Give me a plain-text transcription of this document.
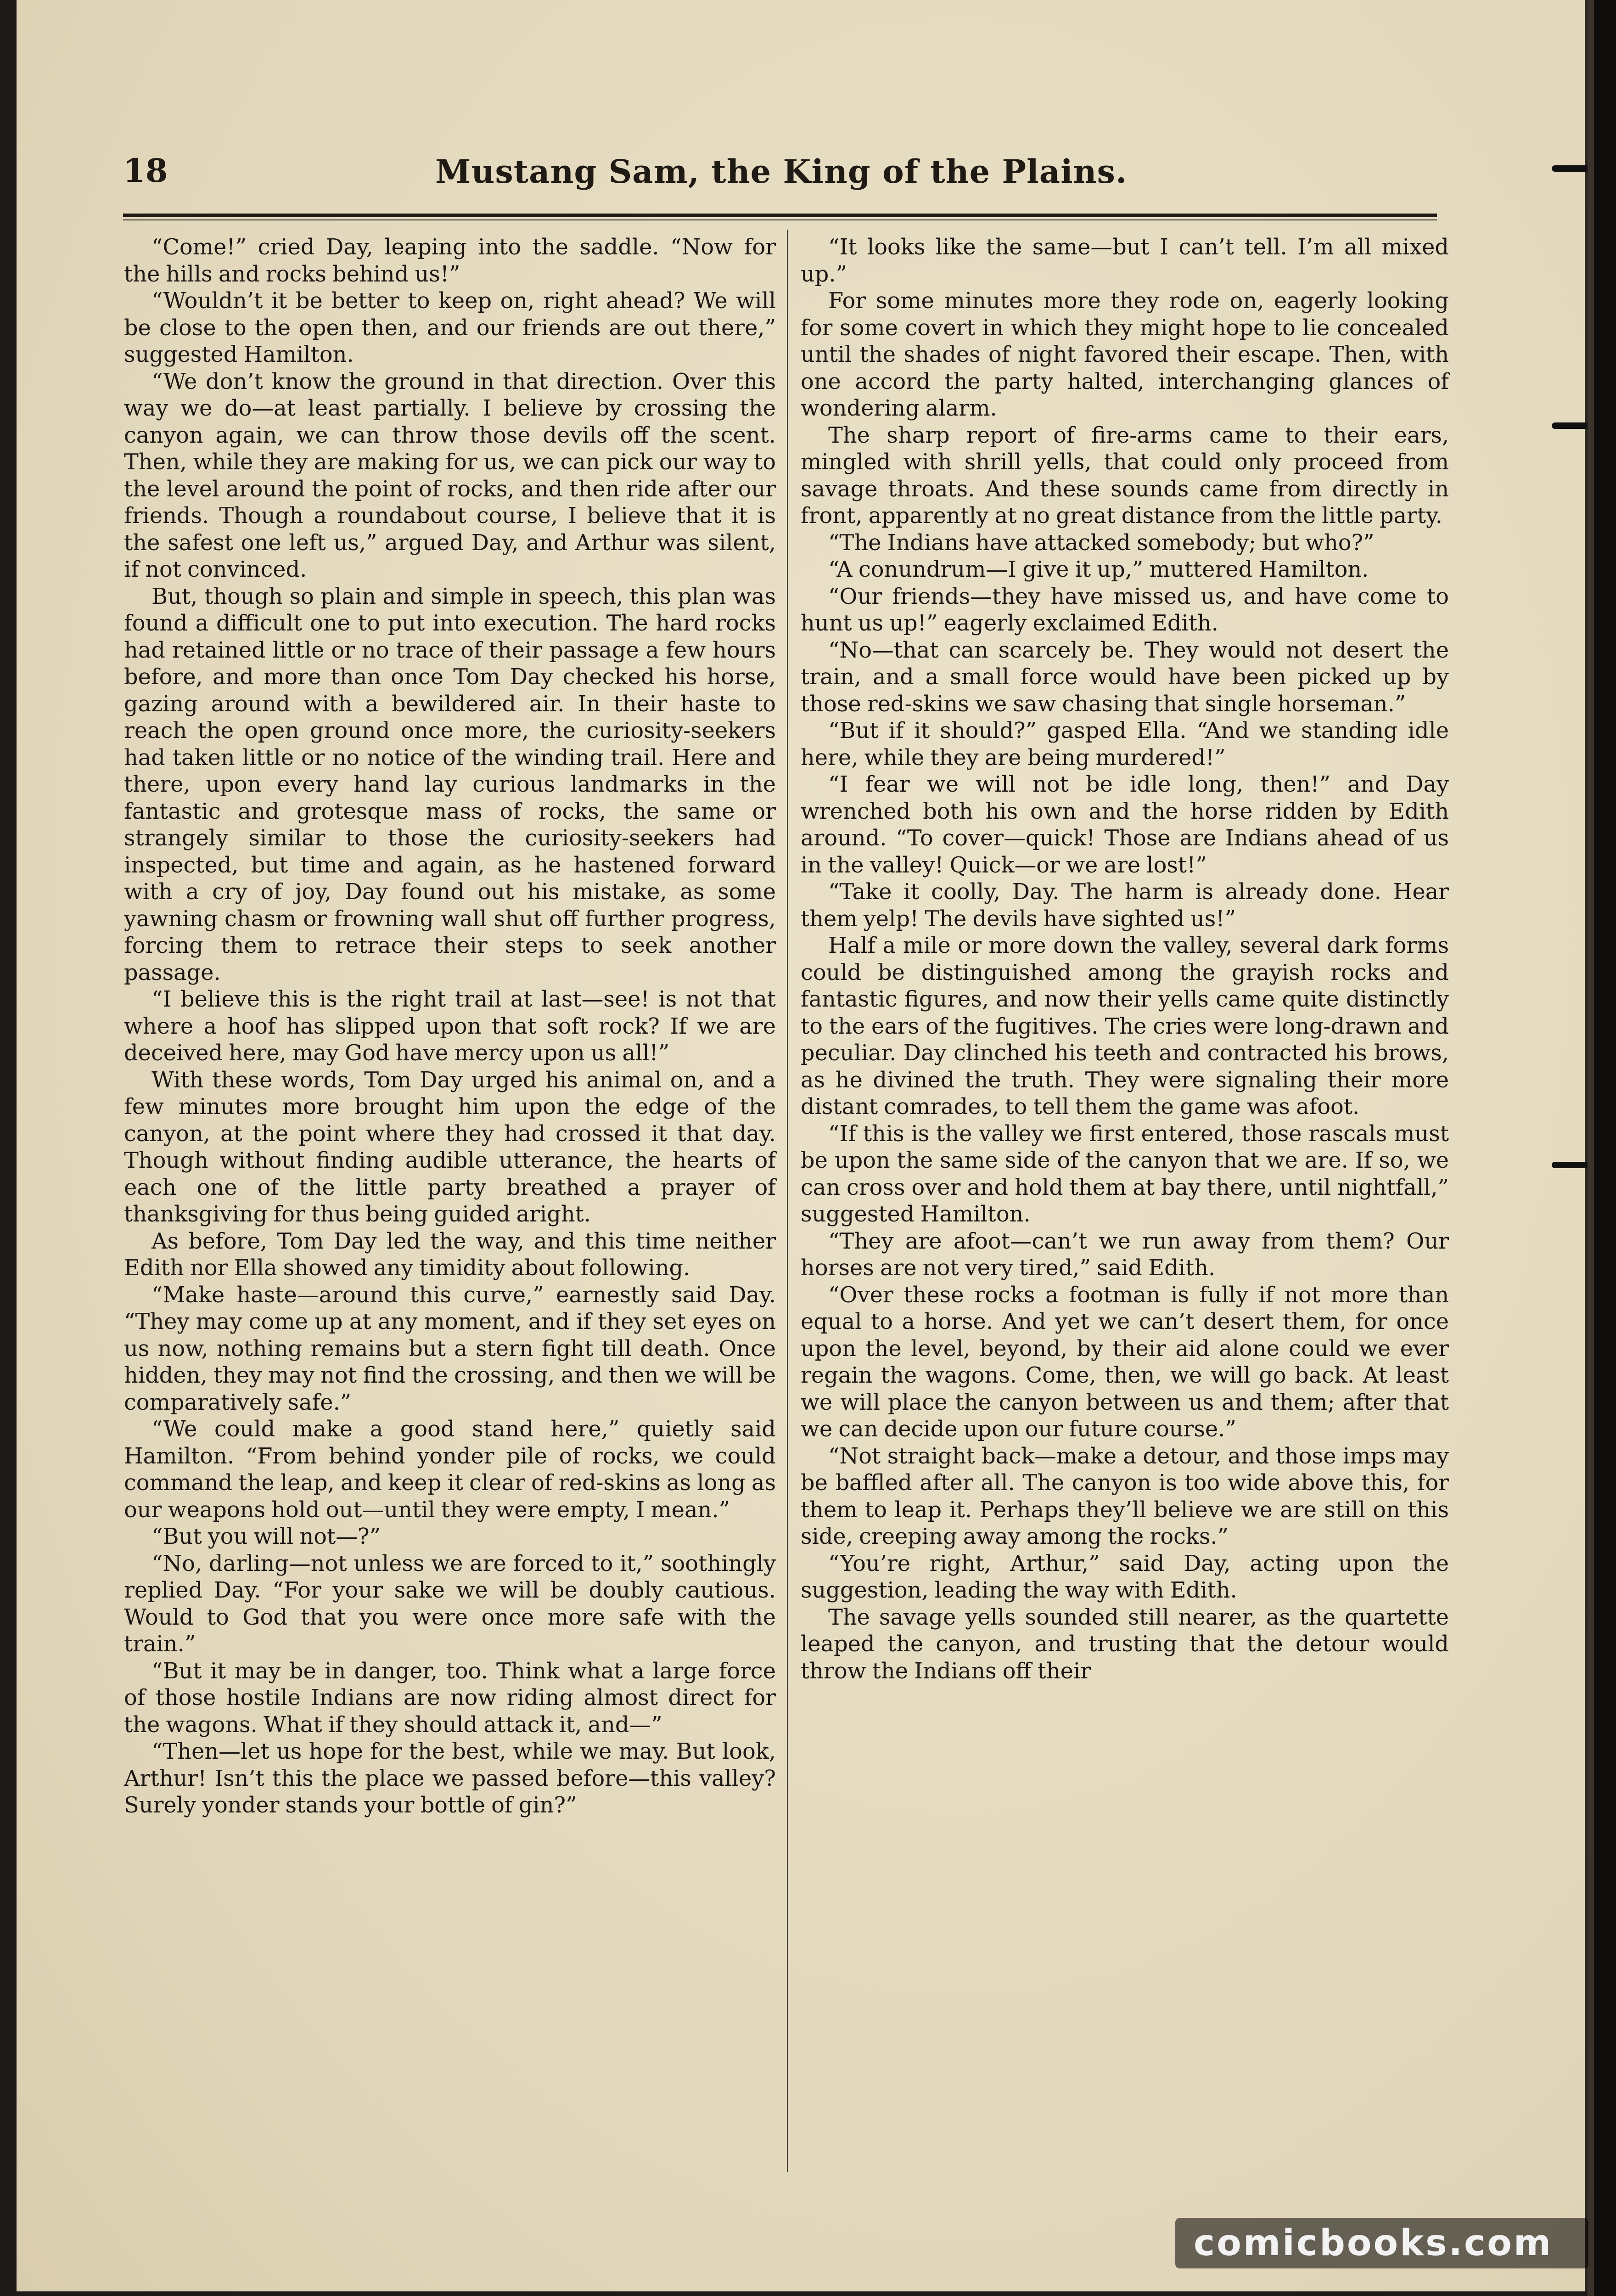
18	Mustang Sam, the King of the Plains.

“Come!” cried Day, leaping into the saddle. “Now for the hills and rocks behind us!”

“Wouldn’t it be better to keep on, right ahead? We will be close to the open then, and our friends are out there,” suggested Hamilton.

“We don’t know the ground in that direction. Over this way we do—at least partially. I believe by crossing the canyon again, we can throw those devils off the scent. Then, while they are making for us, we can pick our way to the level around the point of rocks, and then ride after our friends. Though a roundabout course, I believe that it is the safest one left us,” argued Day, and Arthur was silent, if not convinced.

But, though so plain and simple in speech, this plan was found a difficult one to put into execution. The hard rocks had retained little or no trace of their passage a few hours before, and more than once Tom Day checked his horse, gazing around with a bewildered air. In their haste to reach the open ground once more, the curiosity-seekers had taken little or no notice of the winding trail. Here and there, upon every hand lay curious landmarks in the fantastic and grotesque mass of rocks, the same or strangely similar to those the curiosity-seekers had inspected, but time and again, as he hastened forward with a cry of joy, Day found out his mistake, as some yawning chasm or frowning wall shut off further progress, forcing them to retrace their steps to seek another passage.

“I believe this is the right trail at last—see! is not that where a hoof has slipped upon that soft rock? If we are deceived here, may God have mercy upon us all!”

With these words, Tom Day urged his animal on, and a few minutes more brought him upon the edge of the canyon, at the point where they had crossed it that day. Though without finding audible utterance, the hearts of each one of the little party breathed a prayer of thanksgiving for thus being guided aright.

As before, Tom Day led the way, and this time neither Edith nor Ella showed any timidity about following.

“Make haste—around this curve,” earnestly said Day. “They may come up at any moment, and if they set eyes on us now, nothing remains but a stern fight till death. Once hidden, they may not find the crossing, and then we will be comparatively safe.”

“We could make a good stand here,” quietly said Hamilton. “From behind yonder pile of rocks, we could command the leap, and keep it clear of red-skins as long as our weapons hold out—until they were empty, I mean.”

“But you will not—?”

“No, darling—not unless we are forced to it,” soothingly replied Day. “For your sake we will be doubly cautious. Would to God that you were once more safe with the train.”

“But it may be in danger, too. Think what a large force of those hostile Indians are now riding almost direct for the wagons. What if they should attack it, and—”

“Then—let us hope for the best, while we may. But look, Arthur! Isn’t this the place we passed before—this valley? Surely yonder stands your bottle of gin?”

“It looks like the same—but I can’t tell. I’m all mixed up.”

For some minutes more they rode on, eagerly looking for some covert in which they might hope to lie concealed until the shades of night favored their escape. Then, with one accord the party halted, interchanging glances of wondering alarm.

The sharp report of fire-arms came to their ears, mingled with shrill yells, that could only proceed from savage throats. And these sounds came from directly in front, apparently at no great distance from the little party.

“The Indians have attacked somebody; but who?”

“A conundrum—I give it up,” muttered Hamilton.

“Our friends—they have missed us, and have come to hunt us up!” eagerly exclaimed Edith.

“No—that can scarcely be. They would not desert the train, and a small force would have been picked up by those red-skins we saw chasing that single horseman.”

“But if it should?” gasped Ella. “And we standing idle here, while they are being murdered!”

“I fear we will not be idle long, then!” and Day wrenched both his own and the horse ridden by Edith around. “To cover—quick! Those are Indians ahead of us in the valley! Quick—or we are lost!”

“Take it coolly, Day. The harm is already done. Hear them yelp! The devils have sighted us!”

Half a mile or more down the valley, several dark forms could be distinguished among the grayish rocks and fantastic figures, and now their yells came quite distinctly to the ears of the fugitives. The cries were long-drawn and peculiar. Day clinched his teeth and contracted his brows, as he divined the truth. They were signaling their more distant comrades, to tell them the game was afoot.

“If this is the valley we first entered, those rascals must be upon the same side of the canyon that we are. If so, we can cross over and hold them at bay there, until nightfall,” suggested Hamilton.

“They are afoot—can’t we run away from them? Our horses are not very tired,” said Edith.

“Over these rocks a footman is fully if not more than equal to a horse. And yet we can’t desert them, for once upon the level, beyond, by their aid alone could we ever regain the wagons. Come, then, we will go back. At least we will place the canyon between us and them; after that we can decide upon our future course.”

“Not straight back—make a detour, and those imps may be baffled after all. The canyon is too wide above this, for them to leap it. Perhaps they’ll believe we are still on this side, creeping away among the rocks.”

“You’re right, Arthur,” said Day, acting upon the suggestion, leading the way with Edith.

The savage yells sounded still nearer, as the quartette leaped the canyon, and trusting that the detour would throw the Indians off their

comicbooks.com
